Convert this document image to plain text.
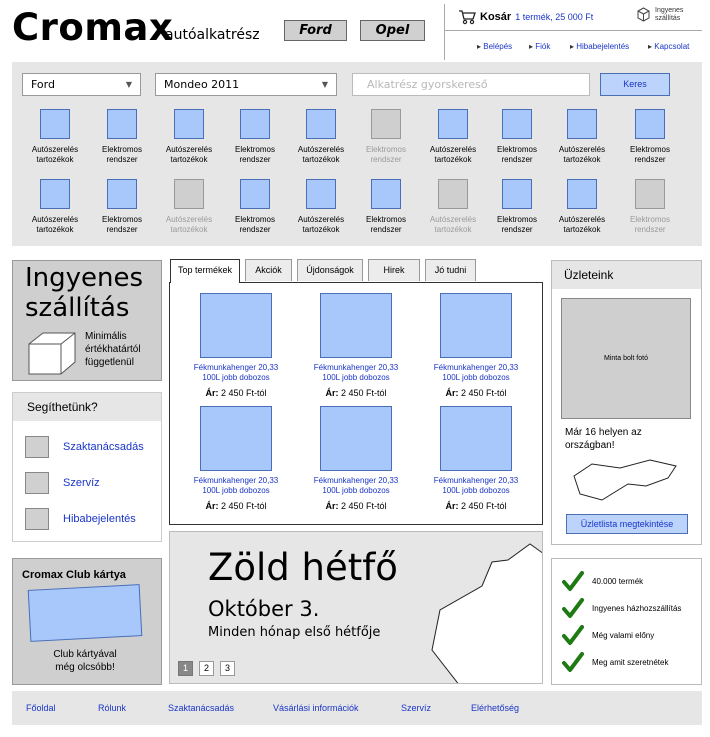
Cromax
autóalkatrész	Ford	Opel
Kosár 1 termék, 25 000 Ft
Ingyenes
szállítás
▸ Belépés	▸ Fiók	▸ Hibabejelentés	▸ Kapcsolat
Ford	▼	Mondeo 2011	▼	Alkatrész gyorskereső	Keres
Autószerelés
tartozékok
Elektromos
rendszer
Autószerelés
tartozékok
Elektromos
rendszer
Autószerelés
tartozékok
Elektromos
rendszer
Autószerelés
tartozékok
Elektromos
rendszer
Autószerelés
tartozékok
Elektromos
rendszer
Autószerelés
tartozékok
Elektromos
rendszer
Autószerelés
tartozékok
Elektromos
rendszer
Autószerelés
tartozékok
Elektromos
rendszer
Autószerelés
tartozékok
Elektromos
rendszer
Autószerelés
tartozékok
Elektromos
rendszer
Ingyenes
szállítás
Minimális
értékhatártól
függetlenül
Segíthetünk?
Szaktanácsadás
Szervíz
Hibabejelentés
Cromax Club kártya
Club kártyával
még olcsóbb!
Top termékek	Akciók	Újdonságok	Hirek	Jó tudni
Fékmunkahenger 20,33
100L jobb dobozos
Ár: 2 450 Ft-tól
Fékmunkahenger 20,33
100L jobb dobozos
Ár: 2 450 Ft-tól
Fékmunkahenger 20,33
100L jobb dobozos
Ár: 2 450 Ft-tól
Fékmunkahenger 20,33
100L jobb dobozos
Ár: 2 450 Ft-tól
Fékmunkahenger 20,33
100L jobb dobozos
Ár: 2 450 Ft-tól
Fékmunkahenger 20,33
100L jobb dobozos
Ár: 2 450 Ft-tól
Zöld hétfő
Október 3.
Minden hónap első hétfője
1	2	3
Üzleteink
Minta bolt fotó
Már 16 helyen az
országban!
Üzletlista megtekintése
40.000 termék
Ingyenes házhozszállítás
Még valami előny
Meg amit szeretnétek
Főoldal	Rólunk	Szaktanácsadás	Vásárlási információk	Szervíz	Elérhetőség
